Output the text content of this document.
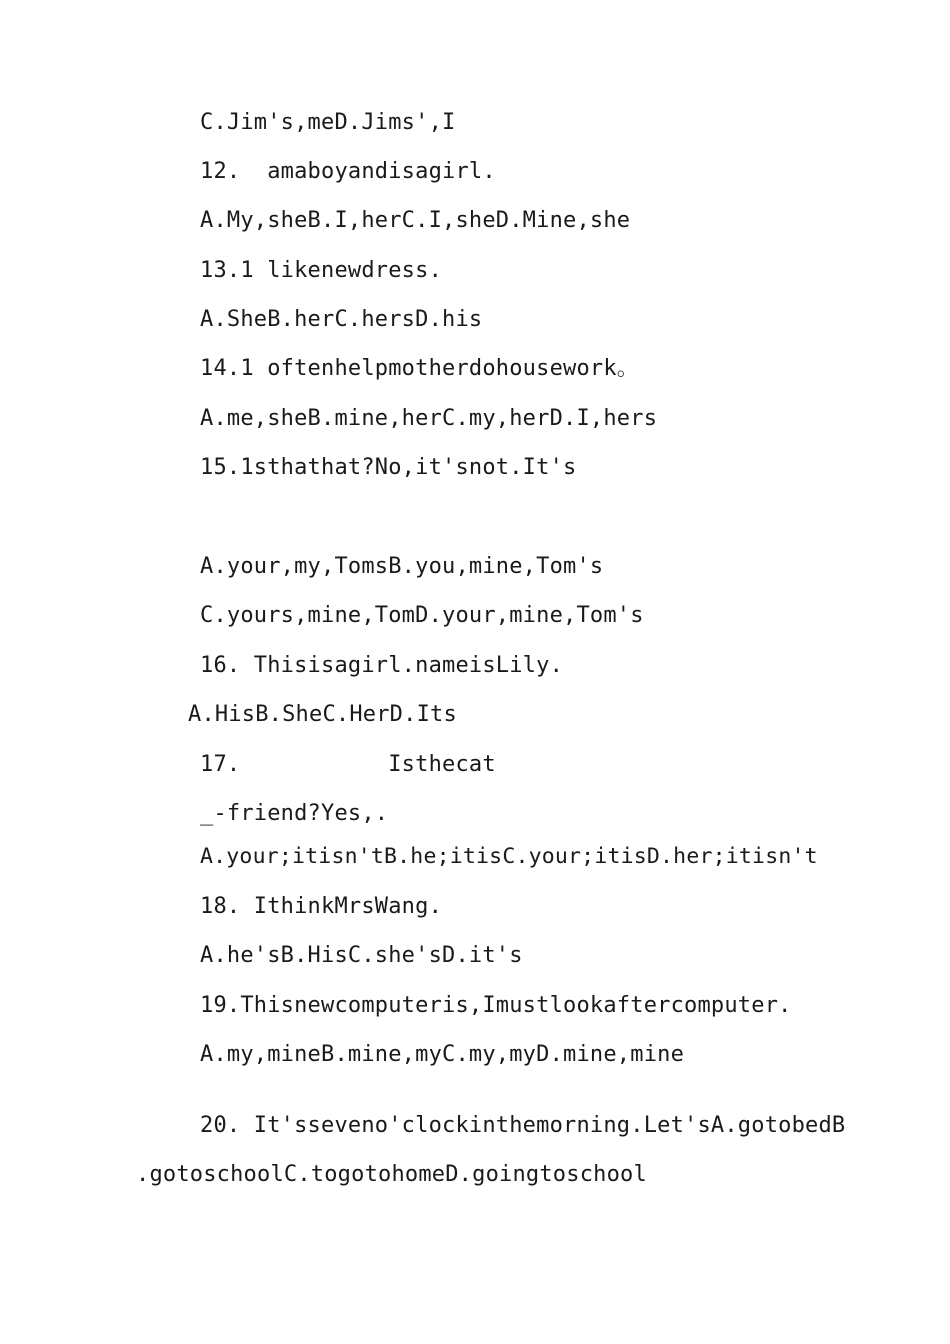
C.Jim's,meD.Jims',I
12.  amaboyandisagirl.
A.My,sheB.I,herC.I,sheD.Mine,she
13.1 likenewdress.
A.SheB.herC.hersD.his
14.1 oftenhelpmotherdohousework。
A.me,sheB.mine,herC.my,herD.I,hers
15.1sthathat?No,it'snot.It's
A.your,my,TomsB.you,mine,Tom's
C.yours,mine,TomD.your,mine,Tom's
16. Thisisagirl.nameisLily.
A.HisB.SheC.HerD.Its
17.           Isthecat
_-friend?Yes,.
A.your;itisn'tB.he;itisC.your;itisD.her;itisn't
18. IthinkMrsWang.
A.he'sB.HisC.she'sD.it's
19.Thisnewcomputeris,Imustlookaftercomputer.
A.my,mineB.mine,myC.my,myD.mine,mine
20. It'sseveno'clockinthemorning.Let'sA.gotobedB
.gotoschoolC.togotohomeD.goingtoschool
